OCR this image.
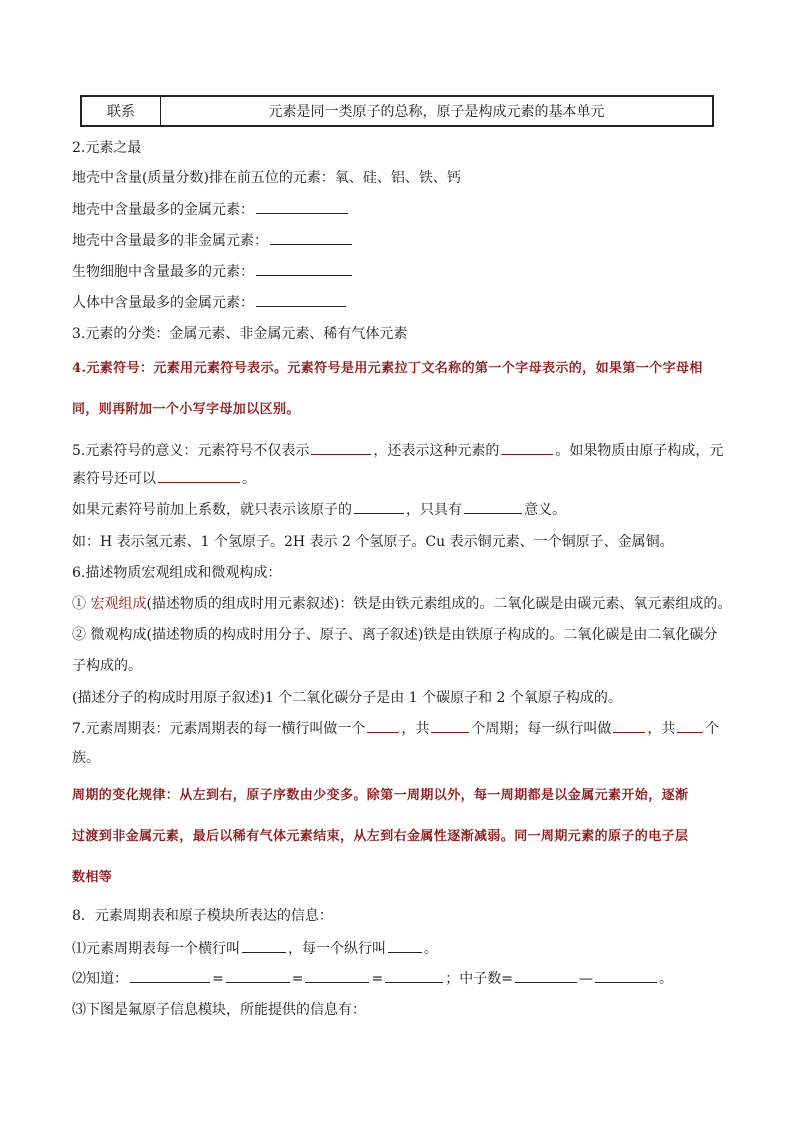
联系	元素是同一类原子的总称，原子是构成元素的基本单元
2.元素之最
地壳中含量(质量分数)排在前五位的元素：氧、硅、铝、铁、钙
地壳中含量最多的金属元素：
地壳中含量最多的非金属元素：
生物细胞中含量最多的元素：
人体中含量最多的金属元素：
3.元素的分类：金属元素、非金属元素、稀有气体元素
4.元素符号：元素用元素符号表示。元素符号是用元素拉丁文名称的第一个字母表示的，如果第一个字母相
同，则再附加一个小写字母加以区别。
5.元素符号的意义：元素符号不仅表示	，还表示这种元素的	。如果物质由原子构成，元
素符号还可以	。
如果元素符号前加上系数，就只表示该原子的	，只具有	意义。
如：H 表示氢元素、1 个氢原子。2H 表示 2 个氢原子。Cu 表示铜元素、一个铜原子、金属铜。
6.描述物质宏观组成和微观构成：
① 宏观组成(描述物质的组成时用元素叙述)：铁是由铁元素组成的。二氧化碳是由碳元素、氧元素组成的。
② 微观构成(描述物质的构成时用分子、原子、离子叙述)铁是由铁原子构成的。二氧化碳是由二氧化碳分
子构成的。
(描述分子的构成时用原子叙述)1 个二氧化碳分子是由 1 个碳原子和 2 个氧原子构成的。
7.元素周期表：元素周期表的每一横行叫做一个	，共	个周期；每一纵行叫做	，共 个
族。
周期的变化规律：从左到右，原子序数由少变多。除第一周期以外，每一周期都是以金属元素开始，逐渐
过渡到非金属元素，最后以稀有气体元素结束，从左到右金属性逐渐减弱。同一周期元素的原子的电子层
数相等
8．元素周期表和原子模块所表达的信息：
⑴元素周期表每一个横行叫	，每一个纵行叫	。
⑵知道：	=	=	=	；中子数=	—	。
⑶下图是氟原子信息模块，所能提供的信息有：
